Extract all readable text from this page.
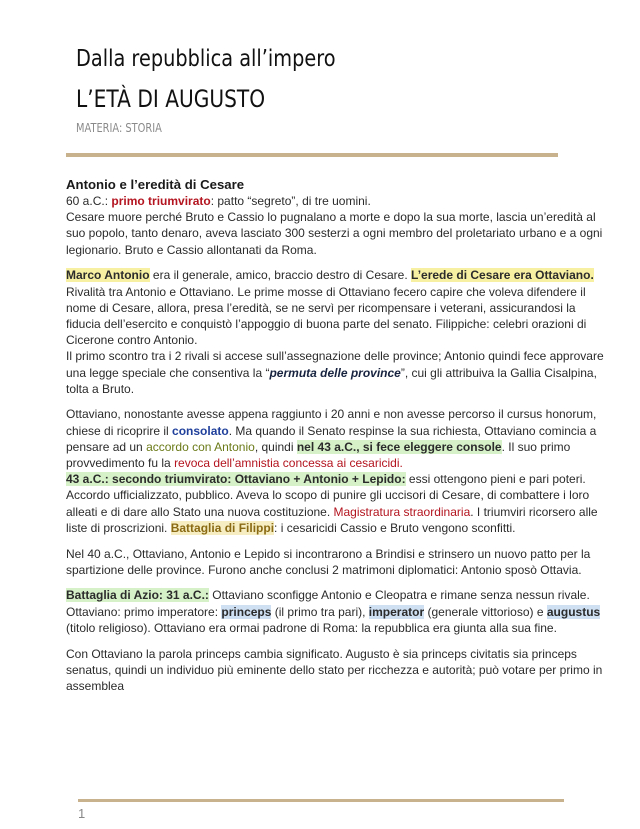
Dalla repubblica all’impero
L’ETÀ DI AUGUSTO
MATERIA: STORIA
Antonio e l’eredità di Cesare

60 a.C.: primo triumvirato: patto “segreto”, di tre uomini.
Cesare muore perché Bruto e Cassio lo pugnalano a morte e dopo la sua morte, lascia un’eredità al suo popolo, tanto denaro, aveva lasciato 300 sesterzi a ogni membro del proletariato urbano e a ogni legionario. Bruto e Cassio allontanati da Roma.

Marco Antonio era il generale, amico, braccio destro di Cesare. L’erede di Cesare era Ottaviano. Rivalità tra Antonio e Ottaviano. Le prime mosse di Ottaviano fecero capire che voleva difendere il nome di Cesare, allora, presa l’eredità, se ne servì per ricompensare i veterani, assicurandosi la fiducia dell’esercito e conquistò l’appoggio di buona parte del senato. Filippiche: celebri orazioni di Cicerone contro Antonio.
Il primo scontro tra i 2 rivali si accese sull’assegnazione delle province; Antonio quindi fece approvare una legge speciale che consentiva la “permuta delle province”, cui gli attribuiva la Gallia Cisalpina, tolta a Bruto.

Ottaviano, nonostante avesse appena raggiunto i 20 anni e non avesse percorso il cursus honorum, chiese di ricoprire il consolato. Ma quando il Senato respinse la sua richiesta, Ottaviano comincia a pensare ad un accordo con Antonio, quindi nel 43 a.C., si fece eleggere console. Il suo primo provvedimento fu la revoca dell’amnistia concessa ai cesaricidi.
43 a.C.: secondo triumvirato: Ottaviano + Antonio + Lepido: essi ottengono pieni e pari poteri. Accordo ufficializzato, pubblico. Aveva lo scopo di punire gli uccisori di Cesare, di combattere i loro alleati e di dare allo Stato una nuova costituzione. Magistratura straordinaria. I triumviri ricorsero alle liste di proscrizioni. Battaglia di Filippi: i cesaricidi Cassio e Bruto vengono sconfitti.

Nel 40 a.C., Ottaviano, Antonio e Lepido si incontrarono a Brindisi e strinsero un nuovo patto per la spartizione delle province. Furono anche conclusi 2 matrimoni diplomatici: Antonio sposò Ottavia.

Battaglia di Azio: 31 a.C.: Ottaviano sconfigge Antonio e Cleopatra e rimane senza nessun rivale. Ottaviano: primo imperatore: princeps (il primo tra pari), imperator (generale vittorioso) e augustus (titolo religioso). Ottaviano era ormai padrone di Roma: la repubblica era giunta alla sua fine.

Con Ottaviano la parola princeps cambia significato. Augusto è sia princeps civitatis sia princeps senatus, quindi un individuo più eminente dello stato per ricchezza e autorità; può votare per primo in assemblea

1
